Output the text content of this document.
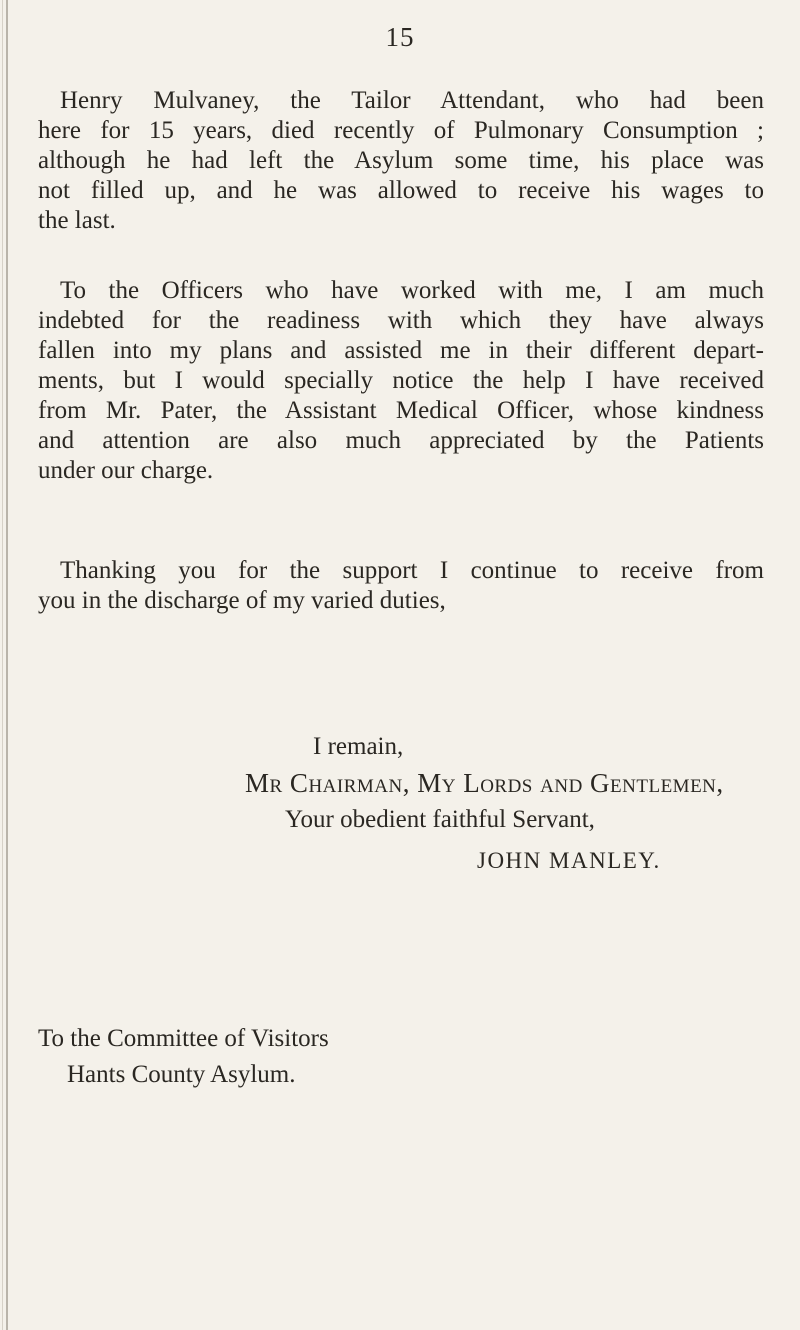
15

Henry Mulvaney, the Tailor Attendant, who had been
here for 15 years, died recently of Pulmonary Consumption ;
although he had left the Asylum some time, his place was
not filled up, and he was allowed to receive his wages to
the last.

To the Officers who have worked with me, I am much
indebted for the readiness with which they have always
fallen into my plans and assisted me in their different depart-
ments, but I would specially notice the help I have received
from Mr. Pater, the Assistant Medical Officer, whose kindness
and attention are also much appreciated by the Patients
under our charge.

Thanking you for the support I continue to receive from
you in the discharge of my varied duties,

I remain,
Mr Chairman, My Lords and Gentlemen,
Your obedient faithful Servant,
JOHN MANLEY.
To the Committee of Visitors
Hants County Asylum.
